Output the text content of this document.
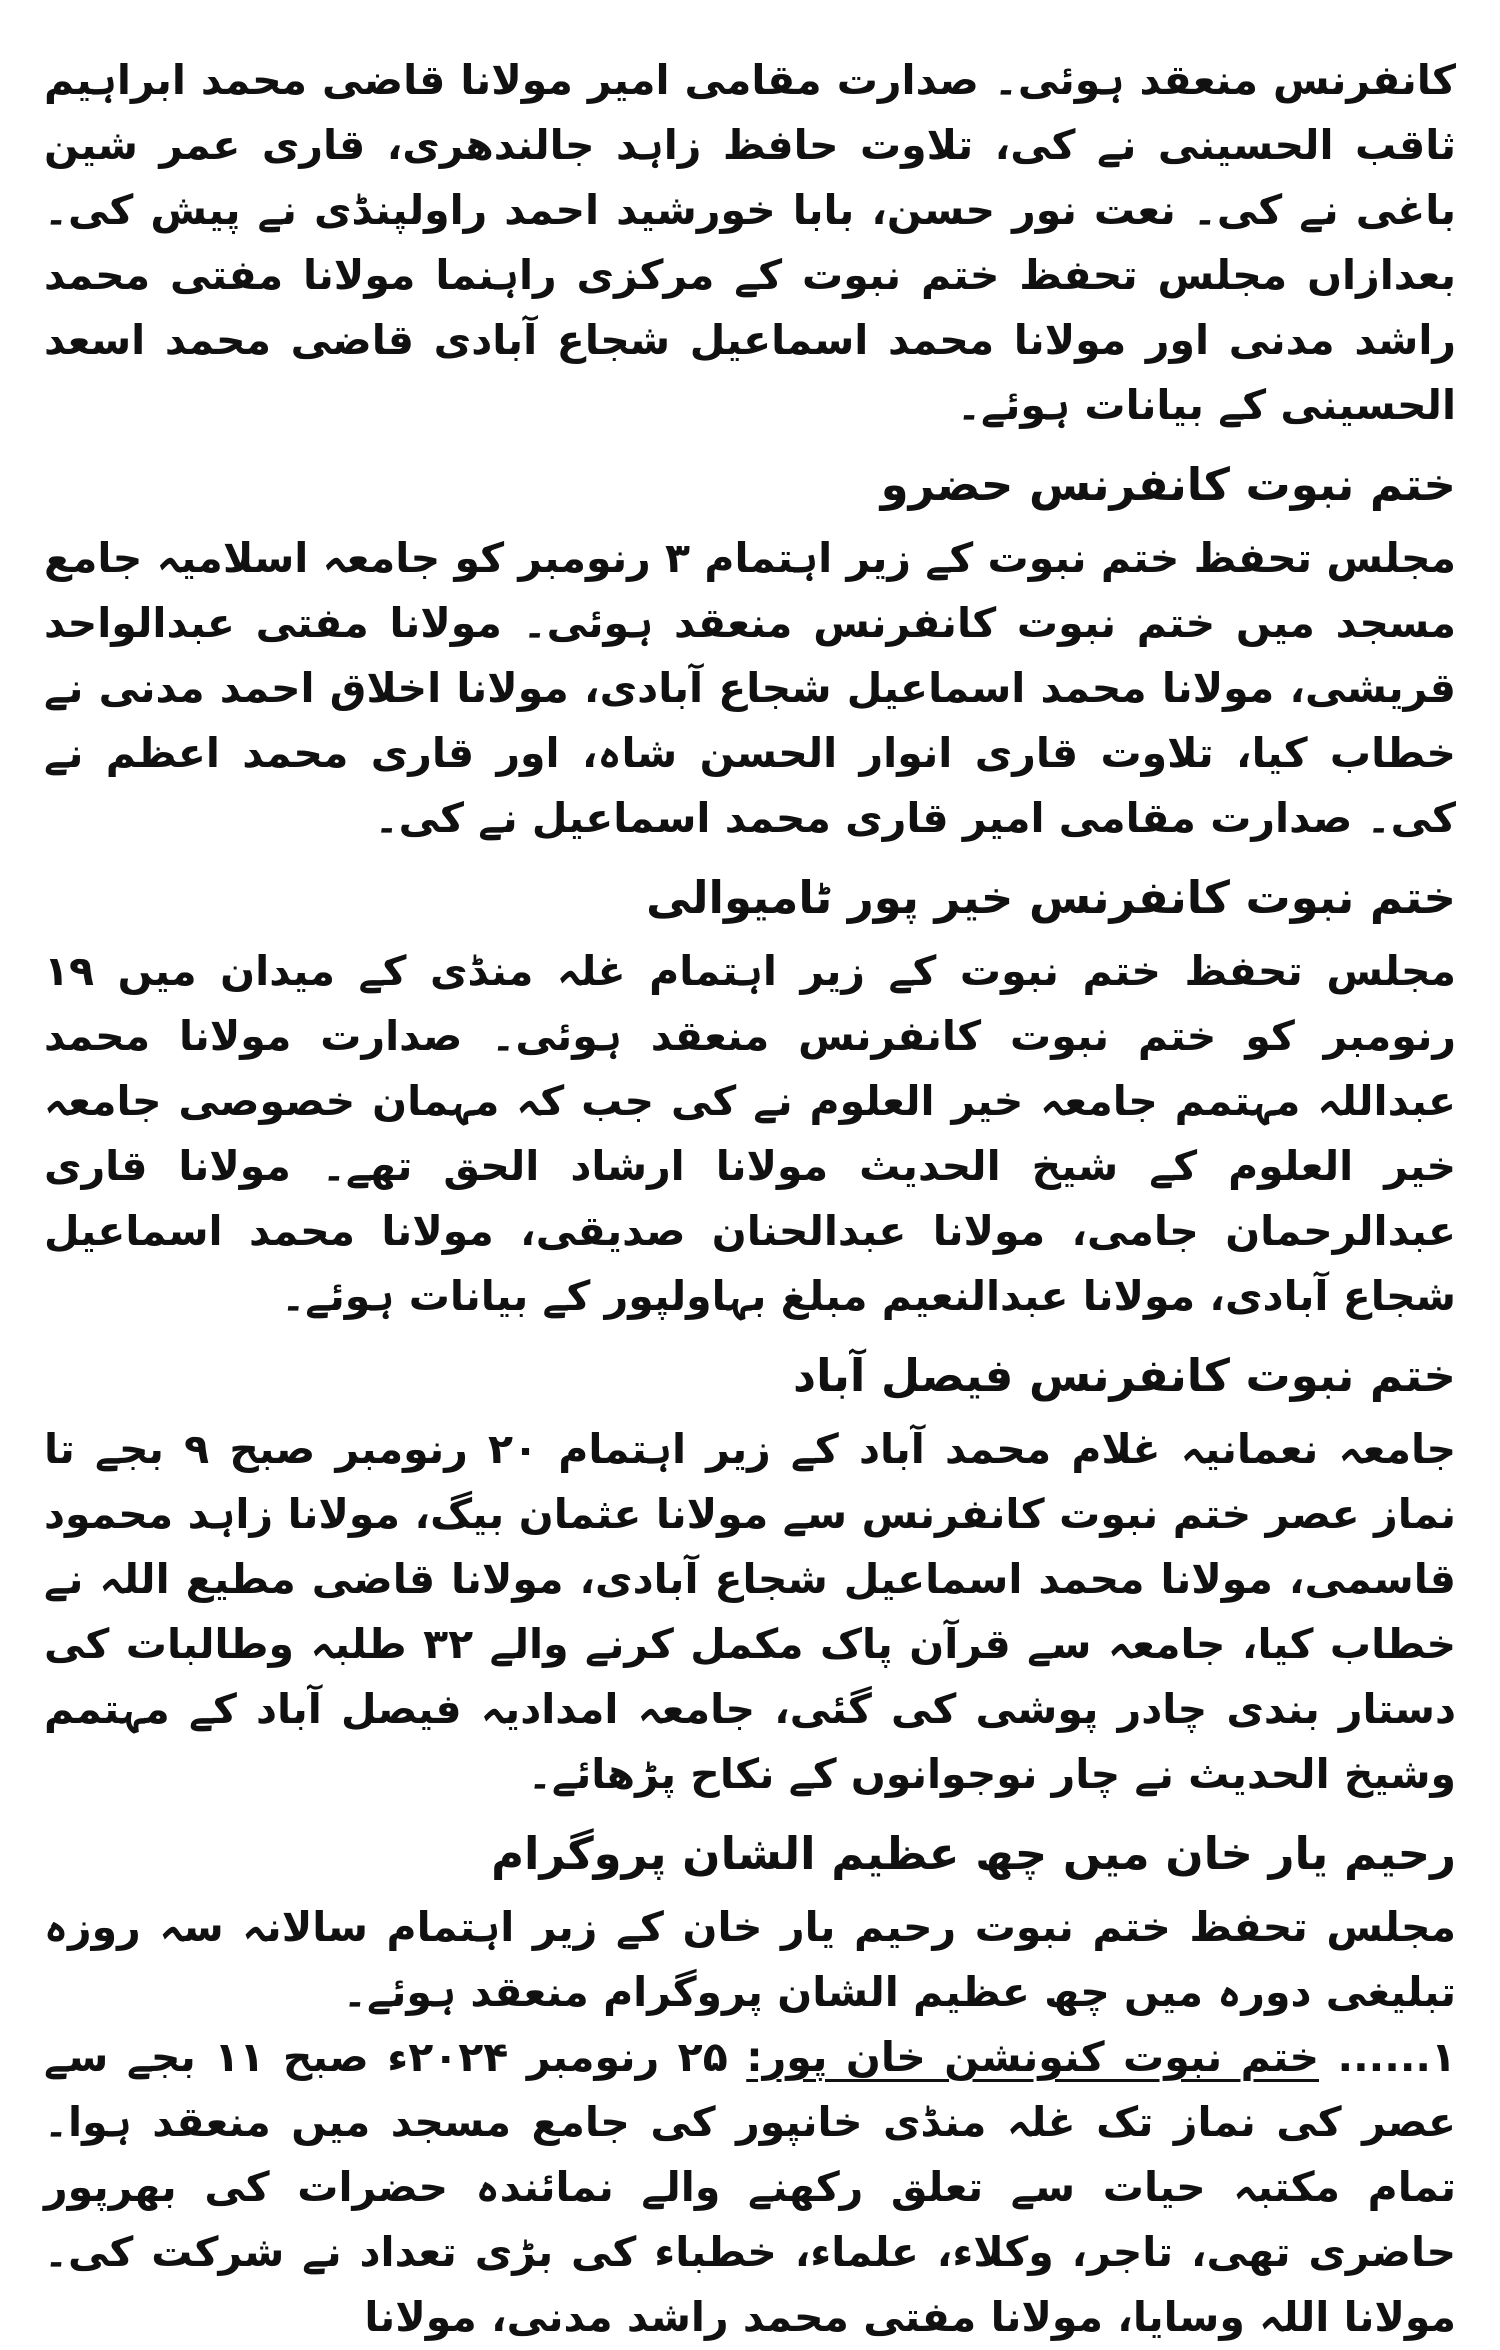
کانفرنس منعقد ہوئی۔ صدارت مقامی امیر مولانا قاضی محمد ابراہیم ثاقب الحسینی نے کی، تلاوت حافظ زاہد جالندھری، قاری عمر شین باغی نے کی۔ نعت نور حسن، بابا خورشید احمد راولپنڈی نے پیش کی۔ بعدازاں مجلس تحفظ ختم نبوت کے مرکزی راہنما مولانا مفتی محمد راشد مدنی اور مولانا محمد اسماعیل شجاع آبادی قاضی محمد اسعد الحسینی کے بیانات ہوئے۔

ختم نبوت کانفرنس حضرو

مجلس تحفظ ختم نبوت کے زیر اہتمام ۳ رنومبر کو جامعہ اسلامیہ جامع مسجد میں ختم نبوت کانفرنس منعقد ہوئی۔ مولانا مفتی عبدالواحد قریشی، مولانا محمد اسماعیل شجاع آبادی، مولانا اخلاق احمد مدنی نے خطاب کیا، تلاوت قاری انوار الحسن شاہ، اور قاری محمد اعظم نے کی۔ صدارت مقامی امیر قاری محمد اسماعیل نے کی۔

ختم نبوت کانفرنس خیر پور ٹامیوالی

مجلس تحفظ ختم نبوت کے زیر اہتمام غلہ منڈی کے میدان میں ۱۹ رنومبر کو ختم نبوت کانفرنس منعقد ہوئی۔ صدارت مولانا محمد عبداللہ مہتمم جامعہ خیر العلوم نے کی جب کہ مہمان خصوصی جامعہ خیر العلوم کے شیخ الحدیث مولانا ارشاد الحق تھے۔ مولانا قاری عبدالرحمان جامی، مولانا عبدالحنان صدیقی، مولانا محمد اسماعیل شجاع آبادی، مولانا عبدالنعیم مبلغ بہاولپور کے بیانات ہوئے۔

ختم نبوت کانفرنس فیصل آباد

جامعہ نعمانیہ غلام محمد آباد کے زیر اہتمام ۲۰ رنومبر صبح ۹ بجے تا نماز عصر ختم نبوت کانفرنس سے مولانا عثمان بیگ، مولانا زاہد محمود قاسمی، مولانا محمد اسماعیل شجاع آبادی، مولانا قاضی مطیع اللہ نے خطاب کیا، جامعہ سے قرآن پاک مکمل کرنے والے ۳۲ طلبہ وطالبات کی دستار بندی چادر پوشی کی گئی، جامعہ امدادیہ فیصل آباد کے مہتمم وشیخ الحدیث نے چار نوجوانوں کے نکاح پڑھائے۔

رحیم یار خان میں چھ عظیم الشان پروگرام

مجلس تحفظ ختم نبوت رحیم یار خان کے زیر اہتمام سالانہ سہ روزہ تبلیغی دورہ میں چھ عظیم الشان پروگرام منعقد ہوئے۔

۱...... ختم نبوت کنونشن خان پور: ۲۵ رنومبر ۲۰۲۴ء صبح ۱۱ بجے سے عصر کی نماز تک غلہ منڈی خانپور کی جامع مسجد میں منعقد ہوا۔ تمام مکتبہ حیات سے تعلق رکھنے والے نمائندہ حضرات کی بھرپور حاضری تھی، تاجر، وکلاء، علماء، خطباء کی بڑی تعداد نے شرکت کی۔ مولانا اللہ وسایا، مولانا مفتی محمد راشد مدنی، مولانا
